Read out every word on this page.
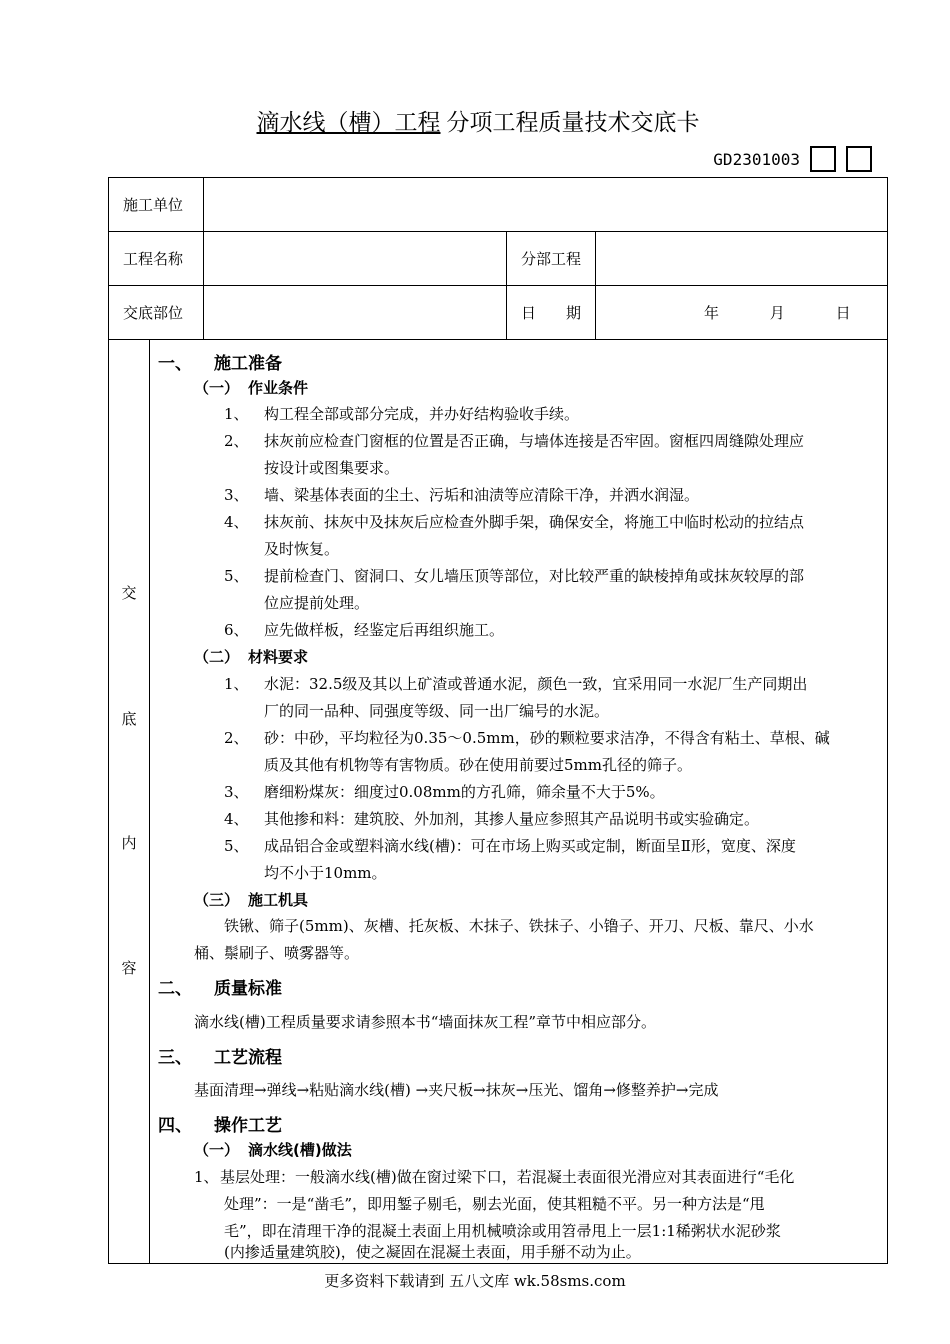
滴水线（槽）工程 分项工程质量技术交底卡
GD2301003
施工单位			
工程名称		分部工程	
交底部位		日　　期	年 月 日
交
底
内
容
一、 施工准备
（一） 作业条件
1、 构工程全部或部分完成，并办好结构验收手续。
2、 抹灰前应检查门窗框的位置是否正确，与墙体连接是否牢固。窗框四周缝隙处理应
按设计或图集要求。
3、 墙、梁基体表面的尘土、污垢和油渍等应清除干净，并洒水润湿。
4、 抹灰前、抹灰中及抹灰后应检查外脚手架，确保安全，将施工中临时松动的拉结点
及时恢复。
5、 提前检查门、窗洞口、女儿墙压顶等部位，对比较严重的缺棱掉角或抹灰较厚的部
位应提前处理。
6、 应先做样板，经鉴定后再组织施工。
（二） 材料要求
1、 水泥：32.5级及其以上矿渣或普通水泥，颜色一致，宜采用同一水泥厂生产同期出
厂的同一品种、同强度等级、同一出厂编号的水泥。
2、 砂：中砂，平均粒径为0.35～0.5mm，砂的颗粒要求洁净，不得含有粘土、草根、碱
质及其他有机物等有害物质。砂在使用前要过5mm孔径的筛子。
3、 磨细粉煤灰：细度过0.08mm的方孔筛，筛余量不大于5%。
4、 其他掺和料：建筑胶、外加剂，其掺人量应参照其产品说明书或实验确定。
5、 成品铝合金或塑料滴水线(槽)：可在市场上购买或定制，断面呈Ⅱ形，宽度、深度
均不小于10mm。
（三） 施工机具
铁锹、筛子(5mm)、灰槽、托灰板、木抹子、铁抹子、小镥子、开刀、尺板、靠尺、小水
桶、鬃刷子、喷雾器等。
二、 质量标准
滴水线(槽)工程质量要求请参照本书“墙面抹灰工程”章节中相应部分。
三、 工艺流程
基面清理→弹线→粘贴滴水线(槽) →夹尺板→抹灰→压光、馏角→修整养护→完成
四、 操作工艺
（一） 滴水线(槽)做法
1、 基层处理：一般滴水线(槽)做在窗过梁下口，若混凝土表面很光滑应对其表面进行“毛化
处理”：一是“凿毛”，即用錾子剔毛，剔去光面，使其粗糙不平。另一种方法是“甩
毛”，即在清理干净的混凝土表面上用机械喷涂或用笤帚甩上一层1:1稀粥状水泥砂浆
(内掺适量建筑胶)，使之凝固在混凝土表面，用手掰不动为止。
更多资料下载请到 五八文库 wk.58sms.com
